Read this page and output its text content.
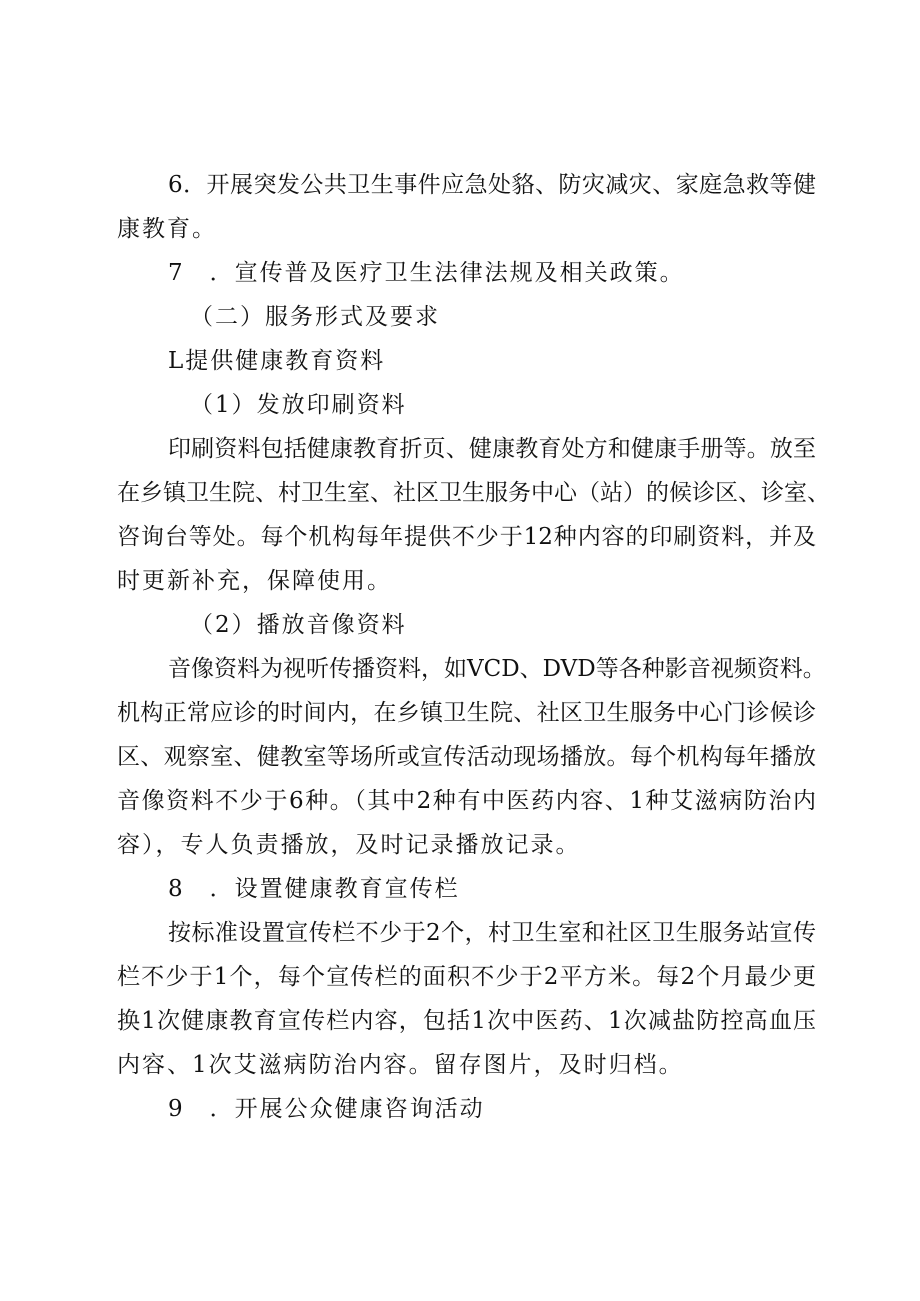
6．开展突发公共卫生事件应急处貉、防灾减灾、家庭急救等健
康教育。
7　．宣传普及医疗卫生法律法规及相关政策。
（二）服务形式及要求
L提供健康教育资料
（1）发放印刷资料
印刷资料包括健康教育折页、健康教育处方和健康手册等。放至
在乡镇卫生院、村卫生室、社区卫生服务中心（站）的候诊区、诊室、
咨询台等处。每个机构每年提供不少于12种内容的印刷资料，并及
时更新补充，保障使用。
（2）播放音像资料
音像资料为视听传播资料，如VCD、DVD等各种影音视频资料。
机构正常应诊的时间内，在乡镇卫生院、社区卫生服务中心门诊候诊
区、观察室、健教室等场所或宣传活动现场播放。每个机构每年播放
音像资料不少于6种。（其中2种有中医药内容、1种艾滋病防治内
容），专人负责播放，及时记录播放记录。
8　．设置健康教育宣传栏
按标准设置宣传栏不少于2个，村卫生室和社区卫生服务站宣传
栏不少于1个，每个宣传栏的面积不少于2平方米。每2个月最少更
换1次健康教育宣传栏内容，包括1次中医药、1次减盐防控高血压
内容、1次艾滋病防治内容。留存图片，及时归档。
9　．开展公众健康咨询活动
